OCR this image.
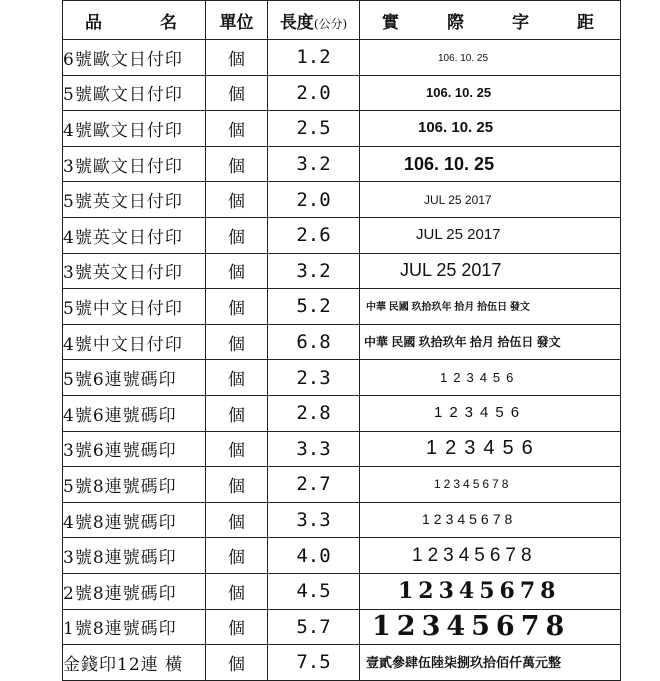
品 名	單位	長度(公分)	實 際 字 距

6號歐文日付印	個	1.2	106. 10. 25
5號歐文日付印	個	2.0	106. 10. 25
4號歐文日付印	個	2.5	106. 10. 25
3號歐文日付印	個	3.2	106. 10. 25
5號英文日付印	個	2.0	JUL 25 2017
4號英文日付印	個	2.6	JUL 25 2017
3號英文日付印	個	3.2	JUL 25 2017
5號中文日付印	個	5.2	中華 民國 玖拾玖年 拾月 拾伍日 發文
4號中文日付印	個	6.8	中華 民國 玖拾玖年 拾月 拾伍日 發文
5號6連號碼印	個	2.3	123456
4號6連號碼印	個	2.8	123456
3號6連號碼印	個	3.3	123456
5號8連號碼印	個	2.7	12345678
4號8連號碼印	個	3.3	12345678
3號8連號碼印	個	4.0	12345678
2號8連號碼印	個	4.5	12345678
1號8連號碼印	個	5.7	12345678
金錢印12連 橫	個	7.5	壹貳參肆伍陸柒捌玖拾佰仟萬元整
